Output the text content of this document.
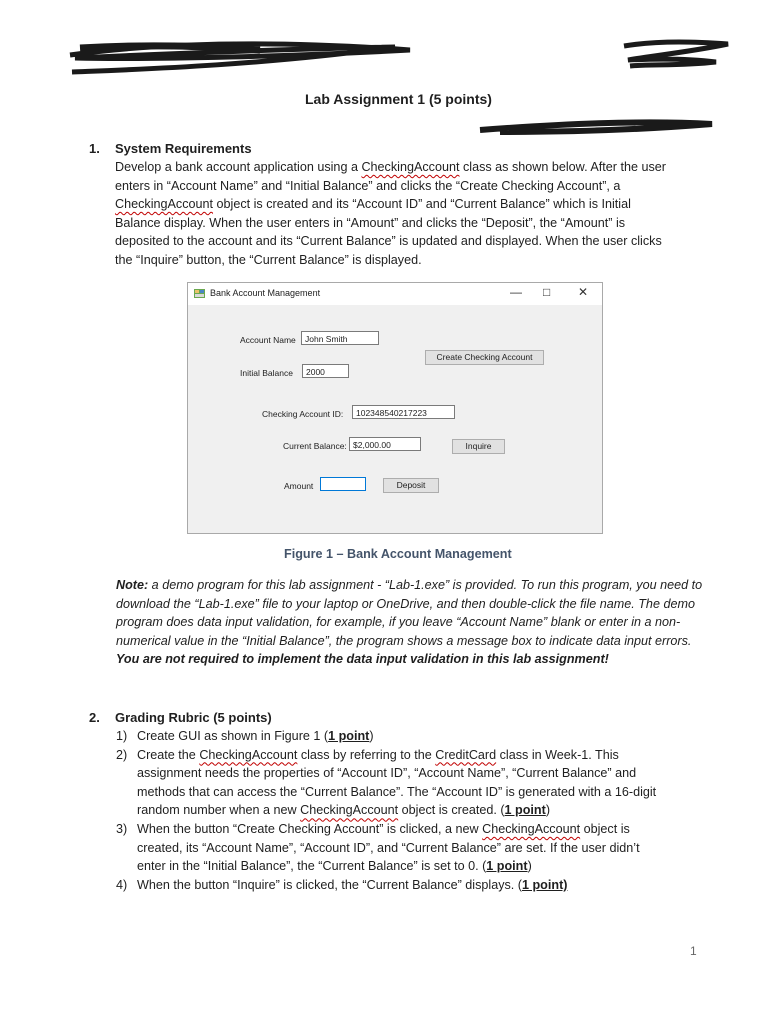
Lab Assignment 1 (5 points)
1. System Requirements
Develop a bank account application using a CheckingAccount class as shown below. After the user
enters in “Account Name” and “Initial Balance” and clicks the “Create Checking Account”, a
CheckingAccount object is created and its “Account ID” and “Current Balance” which is Initial
Balance display. When the user enters in “Amount” and clicks the “Deposit”, the “Amount” is
deposited to the account and its “Current Balance” is updated and displayed. When the user clicks
the “Inquire” button, the “Current Balance” is displayed.
Bank Account Management	— □ ✕
Account Name	John Smith
Create Checking Account
Initial Balance	2000
Checking Account ID:	102348540217223
Current Balance: $2,000.00	Inquire
Amount	Deposit
Figure 1 – Bank Account Management
Note: a demo program for this lab assignment - “Lab-1.exe” is provided. To run this program, you need to download the “Lab-1.exe” file to your laptop or OneDrive, and then double-click the file name. The demo program does data input validation, for example, if you leave “Account Name” blank or enter in a non-numerical value in the “Initial Balance”, the program shows a message box to indicate data input errors. You are not required to implement the data input validation in this lab assignment!
2. Grading Rubric (5 points)
1) Create GUI as shown in Figure 1 (1 point)
2) Create the CheckingAccount class by referring to the CreditCard class in Week-1. This
assignment needs the properties of “Account ID”, “Account Name”, “Current Balance” and
methods that can access the “Current Balance”. The “Account ID” is generated with a 16-digit
random number when a new CheckingAccount object is created. (1 point)
3) When the button “Create Checking Account” is clicked, a new CheckingAccount object is
created, its “Account Name”, “Account ID”, and “Current Balance” are set. If the user didn’t
enter in the “Initial Balance”, the “Current Balance” is set to 0. (1 point)
4) When the button “Inquire” is clicked, the “Current Balance” displays. (1 point)
1
